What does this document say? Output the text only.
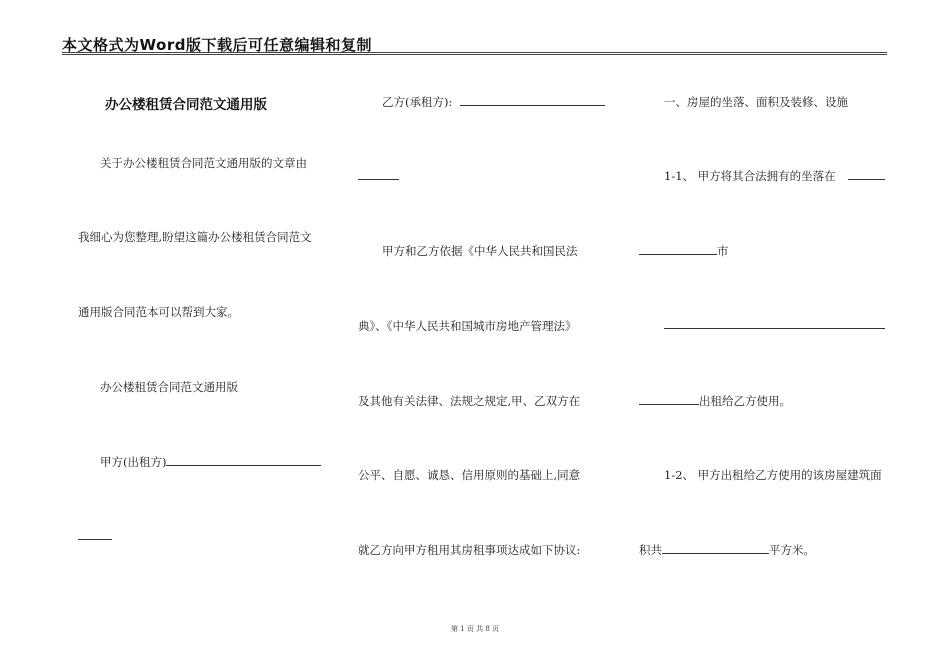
本文格式为Word版下载后可任意编辑和复制
办公楼租赁合同范文通用版
关于办公楼租赁合同范文通用版的文章由
我细心为您整理,盼望这篇办公楼租赁合同范文
通用版合同范本可以帮到大家。
办公楼租赁合同范文通用版
甲方(出租方)
乙方(承租方):
甲方和乙方依据《中华人民共和国民法
典》、《中华人民共和国城市房地产管理法》
及其他有关法律、法规之规定,甲、乙双方在
公平、自愿、诚恳、信用原则的基础上,同意
就乙方向甲方租用其房租事项达成如下协议:
一、房屋的坐落、面积及装修、设施
1-1、 甲方将其合法拥有的坐落在
市
出租给乙方使用。
1-2、 甲方出租给乙方使用的该房屋建筑面
积共	平方米。
第 1 页 共 8 页
